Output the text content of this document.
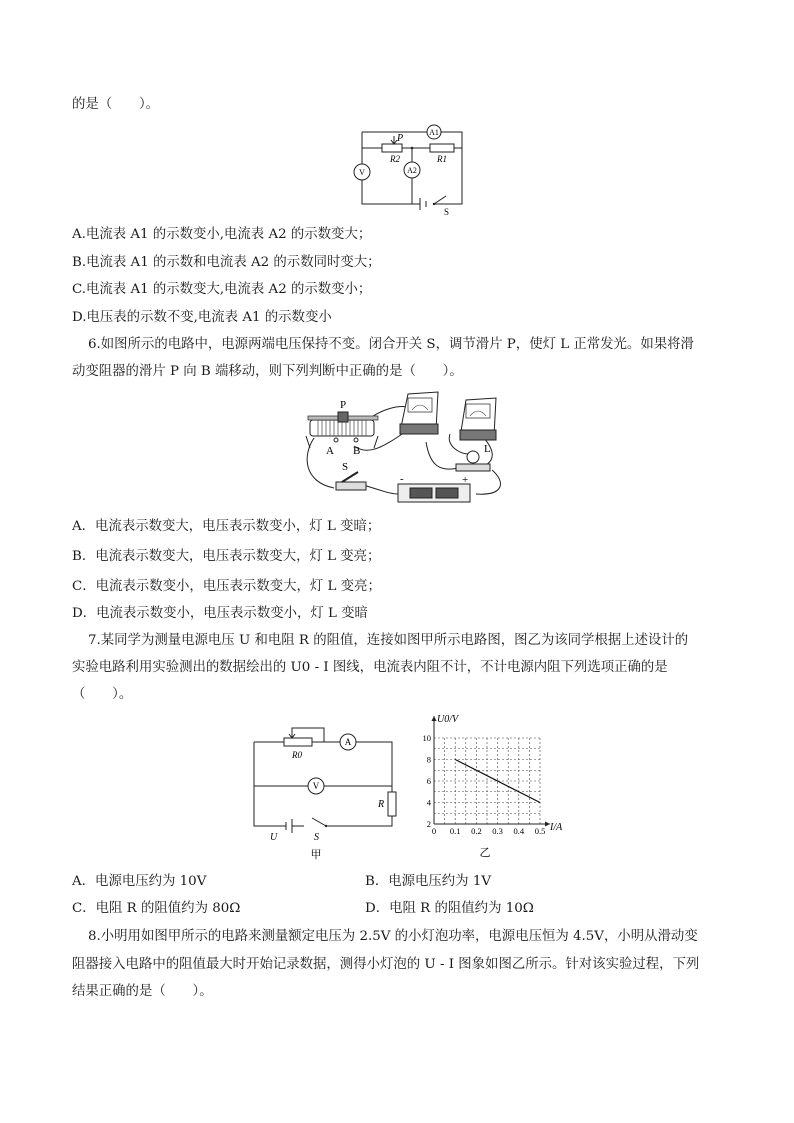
的是（　　）。
A1
A2
V
P
R2	R1
S
A.电流表 A1 的示数变小,电流表 A2 的示数变大；
B.电流表 A1 的示数和电流表 A2 的示数同时变大；
C.电流表 A1 的示数变大,电流表 A2 的示数变小；
D.电压表的示数不变,电流表 A1 的示数变小
6.如图所示的电路中，电源两端电压保持不变。闭合开关 S，调节滑片 P，使灯 L 正常发光。如果将滑
动变阻器的滑片 P 向 B 端移动，则下列判断中正确的是（　　）。
P
A B
S
L
-	+
A．电流表示数变大，电压表示数变小，灯 L 变暗；
B．电流表示数变大，电压表示数变大，灯 L 变亮；
C．电流表示数变小，电压表示数变大，灯 L 变亮；
D．电流表示数变小，电压表示数变小，灯 L 变暗
7.某同学为测量电源电压 U 和电阻 R 的阻值，连接如图甲所示电路图，图乙为该同学根据上述设计的
实验电路利用实验测出的数据绘出的 U0 - I 图线，电流表内阻不计，不计电源内阻下列选项正确的是
（　　）。
A
V
R0
R
U	S
甲
0 0.1 0.2 0.3 0.4 0.5
2
4
6
8
10
U0/V
I/A
乙
A．电源电压约为 10V	B．电源电压约为 1V
C．电阻 R 的阻值约为 80Ω	D．电阻 R 的阻值约为 10Ω
8.小明用如图甲所示的电路来测量额定电压为 2.5V 的小灯泡功率，电源电压恒为 4.5V，小明从滑动变
阻器接入电路中的阻值最大时开始记录数据，测得小灯泡的 U - I 图象如图乙所示。针对该实验过程，下列
结果正确的是（　　）。
